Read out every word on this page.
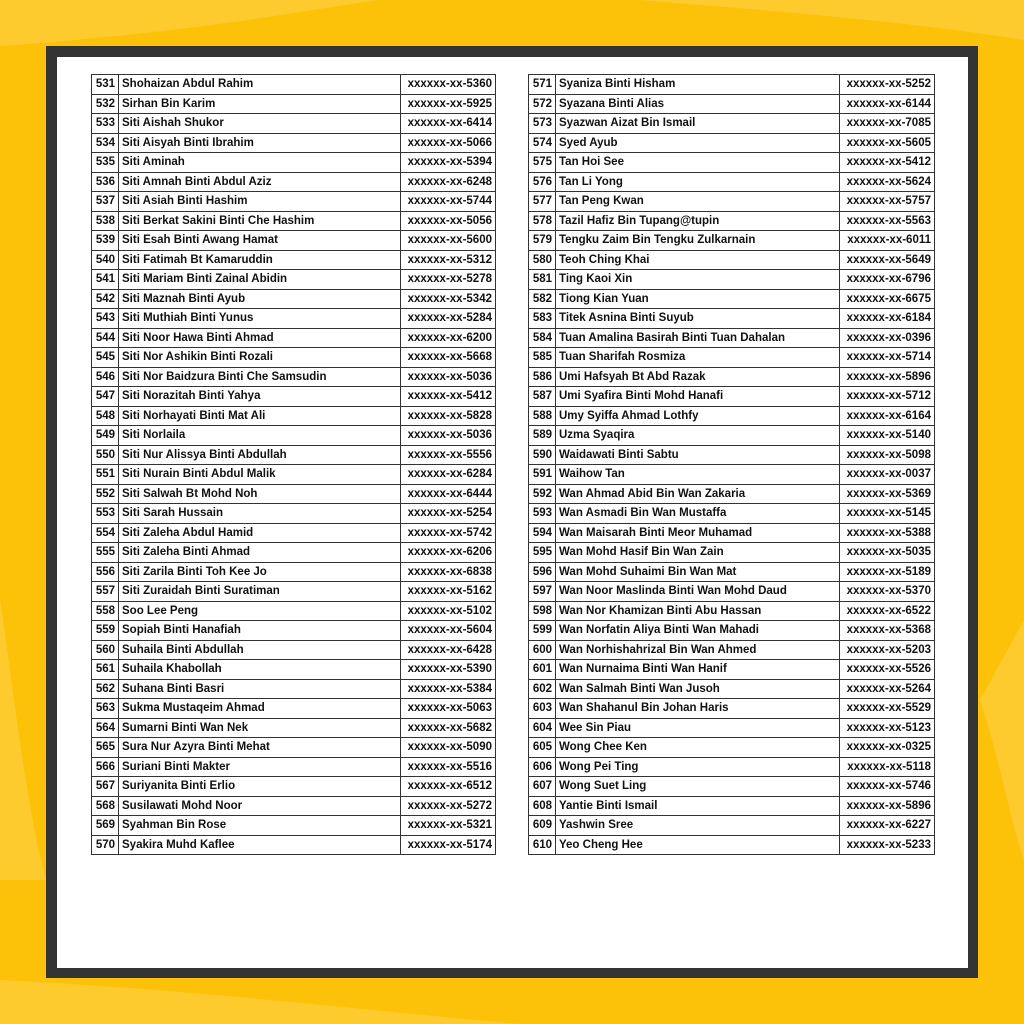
531	Shohaizan Abdul Rahim	xxxxxx-xx-5360
532	Sirhan Bin Karim	xxxxxx-xx-5925
533	Siti Aishah Shukor	xxxxxx-xx-6414
534	Siti Aisyah Binti Ibrahim	xxxxxx-xx-5066
535	Siti Aminah	xxxxxx-xx-5394
536	Siti Amnah Binti Abdul Aziz	xxxxxx-xx-6248
537	Siti Asiah Binti Hashim	xxxxxx-xx-5744
538	Siti Berkat Sakini Binti Che Hashim	xxxxxx-xx-5056
539	Siti Esah Binti Awang Hamat	xxxxxx-xx-5600
540	Siti Fatimah Bt Kamaruddin	xxxxxx-xx-5312
541	Siti Mariam Binti Zainal Abidin	xxxxxx-xx-5278
542	Siti Maznah Binti Ayub	xxxxxx-xx-5342
543	Siti Muthiah Binti Yunus	xxxxxx-xx-5284
544	Siti Noor Hawa Binti Ahmad	xxxxxx-xx-6200
545	Siti Nor Ashikin Binti Rozali	xxxxxx-xx-5668
546	Siti Nor Baidzura Binti Che Samsudin	xxxxxx-xx-5036
547	Siti Norazitah Binti Yahya	xxxxxx-xx-5412
548	Siti Norhayati Binti Mat Ali	xxxxxx-xx-5828
549	Siti Norlaila	xxxxxx-xx-5036
550	Siti Nur Alissya Binti Abdullah	xxxxxx-xx-5556
551	Siti Nurain Binti Abdul Malik	xxxxxx-xx-6284
552	Siti Salwah Bt Mohd Noh	xxxxxx-xx-6444
553	Siti Sarah Hussain	xxxxxx-xx-5254
554	Siti Zaleha Abdul Hamid	xxxxxx-xx-5742
555	Siti Zaleha Binti Ahmad	xxxxxx-xx-6206
556	Siti Zarila Binti Toh Kee Jo	xxxxxx-xx-6838
557	Siti Zuraidah Binti Suratiman	xxxxxx-xx-5162
558	Soo Lee Peng	xxxxxx-xx-5102
559	Sopiah Binti Hanafiah	xxxxxx-xx-5604
560	Suhaila Binti Abdullah	xxxxxx-xx-6428
561	Suhaila Khabollah	xxxxxx-xx-5390
562	Suhana Binti Basri	xxxxxx-xx-5384
563	Sukma Mustaqeim Ahmad	xxxxxx-xx-5063
564	Sumarni Binti Wan Nek	xxxxxx-xx-5682
565	Sura Nur Azyra Binti Mehat	xxxxxx-xx-5090
566	Suriani Binti Makter	xxxxxx-xx-5516
567	Suriyanita Binti Erlio	xxxxxx-xx-6512
568	Susilawati Mohd Noor	xxxxxx-xx-5272
569	Syahman Bin Rose	xxxxxx-xx-5321
570	Syakira Muhd Kaflee	xxxxxx-xx-5174
571	Syaniza Binti Hisham	xxxxxx-xx-5252
572	Syazana Binti Alias	xxxxxx-xx-6144
573	Syazwan Aizat Bin Ismail	xxxxxx-xx-7085
574	Syed Ayub	xxxxxx-xx-5605
575	Tan Hoi See	xxxxxx-xx-5412
576	Tan Li Yong	xxxxxx-xx-5624
577	Tan Peng Kwan	xxxxxx-xx-5757
578	Tazil Hafiz Bin Tupang@tupin	xxxxxx-xx-5563
579	Tengku Zaim Bin Tengku Zulkarnain	xxxxxx-xx-6011
580	Teoh Ching Khai	xxxxxx-xx-5649
581	Ting Kaoi Xin	xxxxxx-xx-6796
582	Tiong Kian Yuan	xxxxxx-xx-6675
583	Titek Asnina Binti Suyub	xxxxxx-xx-6184
584	Tuan Amalina Basirah Binti Tuan Dahalan	xxxxxx-xx-0396
585	Tuan Sharifah Rosmiza	xxxxxx-xx-5714
586	Umi Hafsyah Bt Abd Razak	xxxxxx-xx-5896
587	Umi Syafira Binti Mohd Hanafi	xxxxxx-xx-5712
588	Umy Syiffa Ahmad Lothfy	xxxxxx-xx-6164
589	Uzma Syaqira	xxxxxx-xx-5140
590	Waidawati Binti Sabtu	xxxxxx-xx-5098
591	Waihow Tan	xxxxxx-xx-0037
592	Wan Ahmad Abid Bin Wan Zakaria	xxxxxx-xx-5369
593	Wan Asmadi Bin Wan Mustaffa	xxxxxx-xx-5145
594	Wan Maisarah Binti Meor Muhamad	xxxxxx-xx-5388
595	Wan Mohd Hasif Bin Wan Zain	xxxxxx-xx-5035
596	Wan Mohd Suhaimi Bin Wan Mat	xxxxxx-xx-5189
597	Wan Noor Maslinda Binti Wan Mohd Daud	xxxxxx-xx-5370
598	Wan Nor Khamizan Binti Abu Hassan	xxxxxx-xx-6522
599	Wan Norfatin Aliya Binti Wan Mahadi	xxxxxx-xx-5368
600	Wan Norhishahrizal Bin Wan Ahmed	xxxxxx-xx-5203
601	Wan Nurnaima Binti Wan Hanif	xxxxxx-xx-5526
602	Wan Salmah Binti Wan Jusoh	xxxxxx-xx-5264
603	Wan Shahanul Bin Johan Haris	xxxxxx-xx-5529
604	Wee Sin Piau	xxxxxx-xx-5123
605	Wong Chee Ken	xxxxxx-xx-0325
606	Wong Pei Ting	xxxxxx-xx-5118
607	Wong Suet Ling	xxxxxx-xx-5746
608	Yantie Binti Ismail	xxxxxx-xx-5896
609	Yashwin Sree	xxxxxx-xx-6227
610	Yeo Cheng Hee	xxxxxx-xx-5233
